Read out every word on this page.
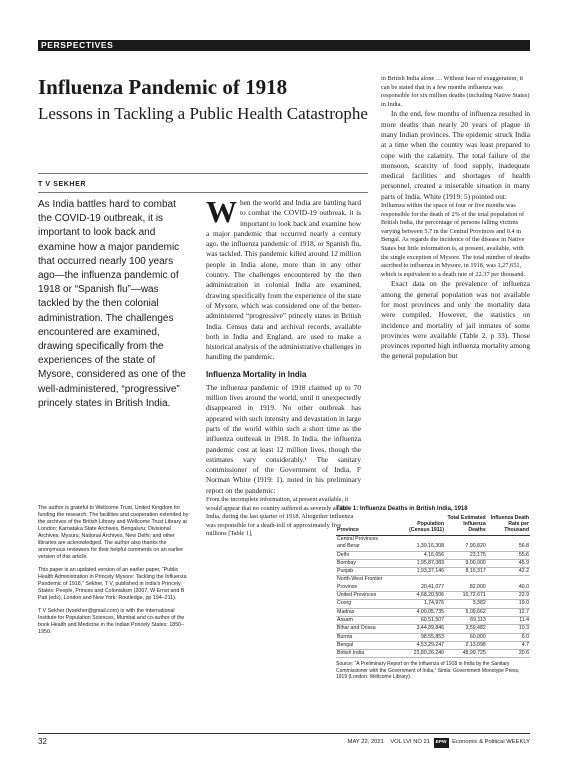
PERSPECTIVES
Influenza Pandemic of 1918
Lessons in Tackling a Public Health Catastrophe
T V SEKHER

As India battles hard to combat the COVID-19 outbreak, it is important to look back and examine how a major pandemic that occurred nearly 100 years ago—the influenza pandemic of 1918 or “Spanish flu”—was tackled by the then colonial administration. The challenges encountered are examined, drawing specifically from the experiences of the state of Mysore, considered as one of the well-administered, “progressive” princely states in British India.

The author is grateful to Wellcome Trust, United Kingdom for funding the research. The facilities and cooperation extended by the archives of the British Library and Wellcome Trust Library at London; Karnataka State Archives, Bengaluru; Divisional Archives, Mysuru; National Archives, New Delhi; and other libraries are acknowledged. The author also thanks the anonymous reviewers for their helpful comments on an earlier version of this article.

This paper is an updated version of an earlier paper, “Public Health Administration in Princely Mysore: Tackling the Influenza Pandemic of 1918,” Sekher, T V, published in India’s Princely States: People, Princes and Colonialism (2007, W Ernst and B Pati (eds), London and New York: Routledge, pp 194–211).

T V Sekher (tvsekher@gmail.com) is with the International Institute for Population Sciences, Mumbai and co-author of the book Health and Medicine in the Indian Princely States: 1850–1950.

When the world and India are battling hard to combat the COVID-19 outbreak, it is important to look back and examine how a major pandemic that occurred nearly a century ago, the influenza pandemic of 1918, or Spanish flu, was tackled. This pandemic killed around 12 million people in India alone, more than in any other country. The challenges encountered by the then administration in colonial India are examined, drawing specifically from the experience of the state of Mysore, which was considered one of the better-administered “progressive” princely states in British India. Census data and archival records, available both in India and England, are used to make a historical analysis of the administrative challenges in handling the pandemic.

Influenza Mortality in India

The influenza pandemic of 1918 claimed up to 70 million lives around the world, until it unexpectedly disappeared in 1919. No other outbreak has appeared with such intensity and devastation in large parts of the world within such a short time as the influenza outbreak in 1918. In India, the influenza pandemic cost at least 12 million lives, though the estimates vary considerably.¹ The sanitary commissioner of the Government of India, F Norman White (1919: 1), noted in his preliminary report on the pandemic:

From the incomplete information, at present available, it would appear that no country suffered as severely as did India, during the last quarter of 1918. Altogether influenza was responsible for a death-toll of approximately five millions [Table 1],

in British India alone … Without fear of exaggeration, it can be stated that in a few months influenza was responsible for six million deaths (including Native States) in India.

In the end, few months of influenza resulted in more deaths than nearly 20 years of plague in many Indian provinces. The epidemic struck India at a time when the country was least prepared to cope with the calamity. The total failure of the monsoon, scarcity of food supply, inadequate medical facilities and shortages of health personnel, created a miserable situation in many parts of India. White (1919: 5) pointed out:

Influenza within the space of four or five months was responsible for the death of 2% of the total population of British India, the percentage of persons falling victims varying between 5.7 in the Central Provinces and 0.4 in Bengal. As regards the incidence of the disease in Native States but little information is, at present, available, with the single exception of Mysore. The total number of deaths ascribed to influenza in Mysore, in 1918, was 1,27,651, which is equivalent to a death rate of 22.37 per thousand.

Exact data on the prevalence of influenza among the general population was not available for most provinces and only the mortality data were compiled. However, the statistics on incidence and mortality of jail inmates of some provinces were available (Table 2, p 33). Those provinces reported high influenza mortality among the general population but

Table 1: Influenza Deaths in British India, 1918
Province	Population (Census 1911)	Total Estimated Influenza Deaths	Influenza Death Rate per Thousand
Central Provinces			
and Berar	1,39,16,308	7,90,820	56.8
Delhi	4,16,656	23,175	55.6
Bombay	1,95,87,383	9,00,000	45.9
Punjab	1,93,37,146	8,16,317	42.2
North-West Frontier			
Province	20,41,077	82,000	40.0
United Provinces	4,68,20,506	10,72,671	22.9
Coorg	1,74,976	3,382	19.0
Madras	4,00,05,735	5,09,662	12.7
Assam	60,51,507	69,113	11.4
Bihar and Orissa	3,44,89,846	3,59,482	10.3
Burma	98,55,853	60,000	6.0
Bengal	4,53,29,247	2,13,098	4.7
British India	23,80,26,240	48,99,725	20.6
Source: “A Preliminary Report on the Influenza of 1918 in India by the Sanitary Commissioner with the Government of India,” Simla: Government Monotype Press, 1919 (London: Wellcome Library).
32	MAY 22, 2021 VOL LVI NO 21 EPW Economic & Political WEEKLY
